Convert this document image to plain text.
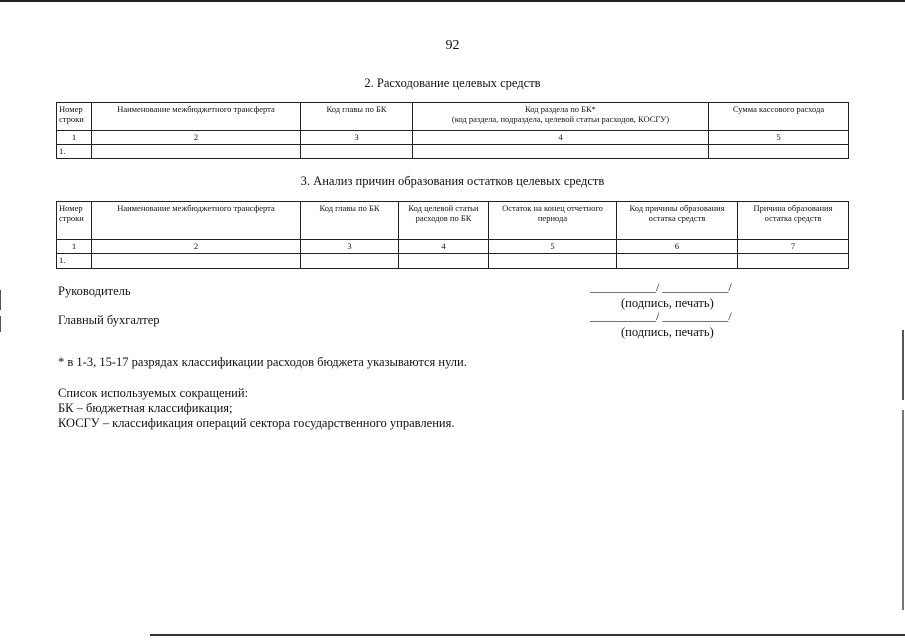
92
2. Расходование целевых средств
Номер строки	Наименование межбюджетного трансферта	Код главы по БК	Код раздела по БК*
(код раздела, подраздела, целевой статьи расходов, КОСГУ)	Сумма кассового расхода
1	2	3	4	5
1.				
3. Анализ причин образования остатков целевых средств
Номер строки	Наименование межбюджетного трансферта	Код главы по БК	Код целевой статьи расходов по БК	Остаток на конец отчетного периода	Код причины образования остатка средств	Причина образования остатка средств
1	2	3	4	5	6	7
1.						
Руководитель	___________/ ___________/
(подпись, печать)
Главный бухгалтер	___________/ ___________/
(подпись, печать)
* в 1-3, 15-17 разрядах классификации расходов бюджета указываются нули.
Список используемых сокращений:
БК – бюджетная классификация;
КОСГУ – классификация операций сектора государственного управления.
